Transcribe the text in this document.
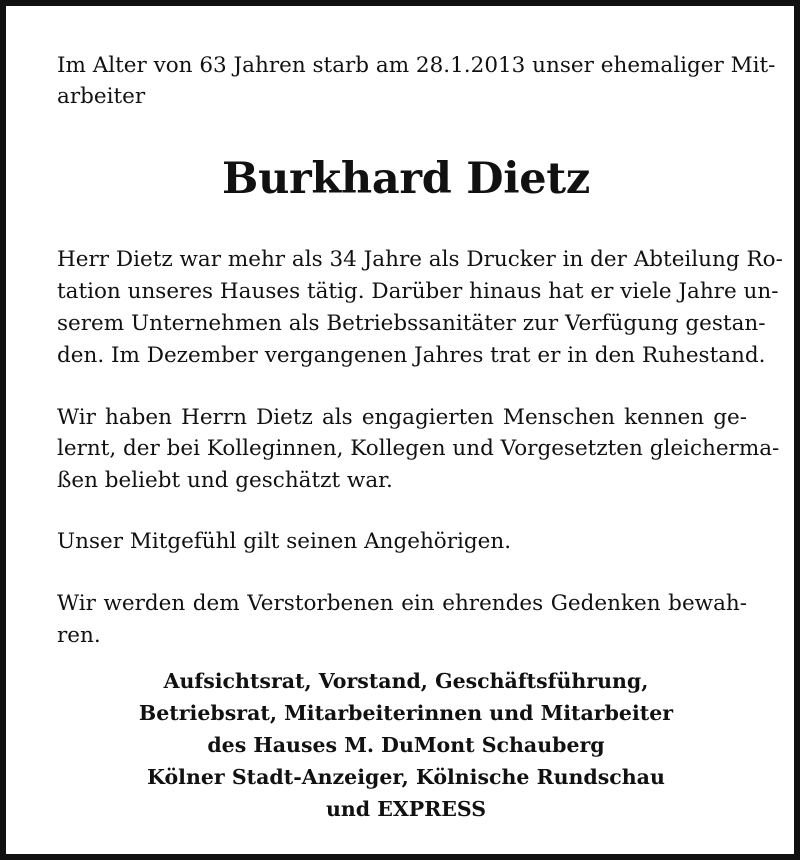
Im Alter von 63 Jahren starb am 28.1.2013 unser ehemaliger Mit-
arbeiter
Burkhard Dietz
Herr Dietz war mehr als 34 Jahre als Drucker in der Abteilung Ro-
tation unseres Hauses tätig. Darüber hinaus hat er viele Jahre un-
serem Unternehmen als Betriebssanitäter zur Verfügung gestan-
den. Im Dezember vergangenen Jahres trat er in den Ruhestand.
Wir haben Herrn Dietz als engagierten Menschen kennen ge-
lernt, der bei Kolleginnen, Kollegen und Vorgesetzten gleicherma-
ßen beliebt und geschätzt war.
Unser Mitgefühl gilt seinen Angehörigen.
Wir werden dem Verstorbenen ein ehrendes Gedenken bewah-
ren.
Aufsichtsrat, Vorstand, Geschäftsführung,
Betriebsrat, Mitarbeiterinnen und Mitarbeiter
des Hauses M. DuMont Schauberg
Kölner Stadt-Anzeiger, Kölnische Rundschau
und EXPRESS
